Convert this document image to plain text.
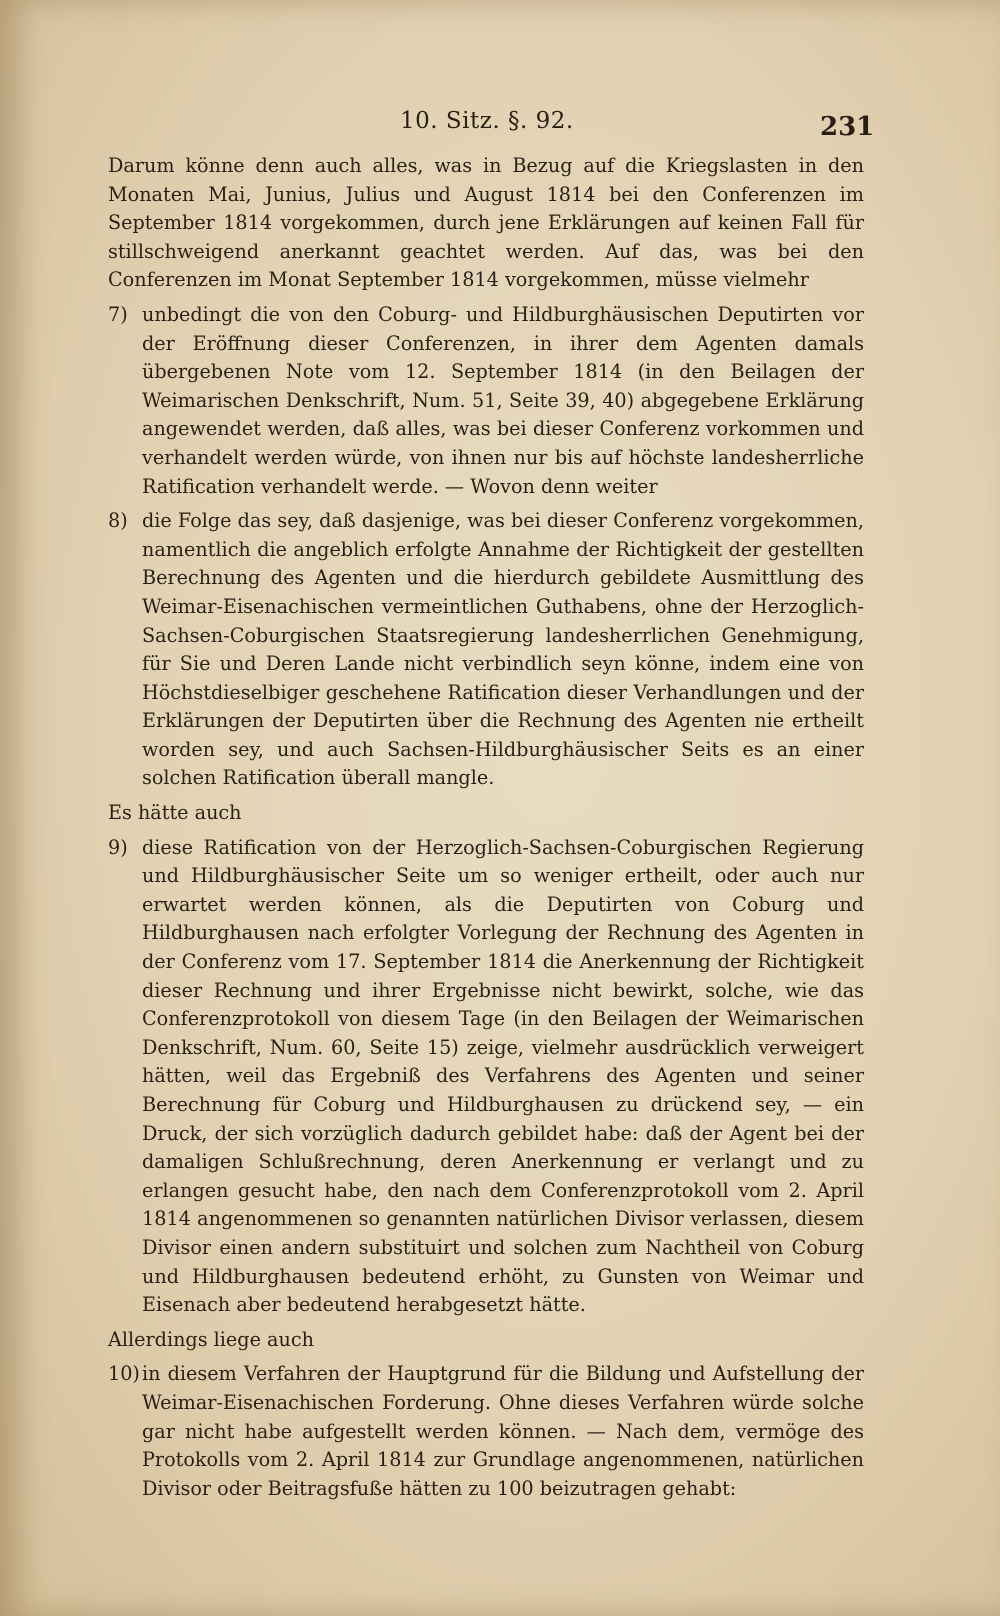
10. Sitz. §. 92.	231

Darum könne denn auch alles, was in Bezug auf die Kriegslasten in den Monaten Mai, Junius, Julius und August 1814 bei den Conferenzen im September 1814 vorgekommen, durch jene Erklärungen auf keinen Fall für stillschweigend anerkannt geachtet werden. Auf das, was bei den Conferenzen im Monat September 1814 vorgekommen, müsse vielmehr

7) unbedingt die von den Coburg- und Hildburghäusischen Deputirten vor der Eröffnung dieser Conferenzen, in ihrer dem Agenten damals übergebenen Note vom 12. September 1814 (in den Beilagen der Weimarischen Denkschrift, Num. 51, Seite 39, 40) abgegebene Erklärung angewendet werden, daß alles, was bei dieser Conferenz vorkommen und verhandelt werden würde, von ihnen nur bis auf höchste landesherrliche Ratification verhandelt werde. — Wovon denn weiter
8) die Folge das sey, daß dasjenige, was bei dieser Conferenz vorgekommen, namentlich die angeblich erfolgte Annahme der Richtigkeit der gestellten Berechnung des Agenten und die hierdurch gebildete Ausmittlung des Weimar-Eisenachischen vermeintlichen Guthabens, ohne der Herzoglich-Sachsen-Coburgischen Staatsregierung landesherrlichen Genehmigung, für Sie und Deren Lande nicht verbindlich seyn könne, indem eine von Höchstdieselbiger geschehene Ratification dieser Verhandlungen und der Erklärungen der Deputirten über die Rechnung des Agenten nie ertheilt worden sey, und auch Sachsen-Hildburghäusischer Seits es an einer solchen Ratification überall mangle.

Es hätte auch

9) diese Ratification von der Herzoglich-Sachsen-Coburgischen Regierung und Hildburghäusischer Seite um so weniger ertheilt, oder auch nur erwartet werden können, als die Deputirten von Coburg und Hildburghausen nach erfolgter Vorlegung der Rechnung des Agenten in der Conferenz vom 17. September 1814 die Anerkennung der Richtigkeit dieser Rechnung und ihrer Ergebnisse nicht bewirkt, solche, wie das Conferenzprotokoll von diesem Tage (in den Beilagen der Weimarischen Denkschrift, Num. 60, Seite 15) zeige, vielmehr ausdrücklich verweigert hätten, weil das Ergebniß des Verfahrens des Agenten und seiner Berechnung für Coburg und Hildburghausen zu drückend sey, — ein Druck, der sich vorzüglich dadurch gebildet habe: daß der Agent bei der damaligen Schlußrechnung, deren Anerkennung er verlangt und zu erlangen gesucht habe, den nach dem Conferenzprotokoll vom 2. April 1814 angenommenen so genannten natürlichen Divisor verlassen, diesem Divisor einen andern substituirt und solchen zum Nachtheil von Coburg und Hildburghausen bedeutend erhöht, zu Gunsten von Weimar und Eisenach aber bedeutend herabgesetzt hätte.

Allerdings liege auch

10) in diesem Verfahren der Hauptgrund für die Bildung und Aufstellung der Weimar-Eisenachischen Forderung. Ohne dieses Verfahren würde solche gar nicht habe aufgestellt werden können. — Nach dem, vermöge des Protokolls vom 2. April 1814 zur Grundlage angenommenen, natürlichen Divisor oder Beitragsfuße hätten zu 100 beizutragen gehabt:
